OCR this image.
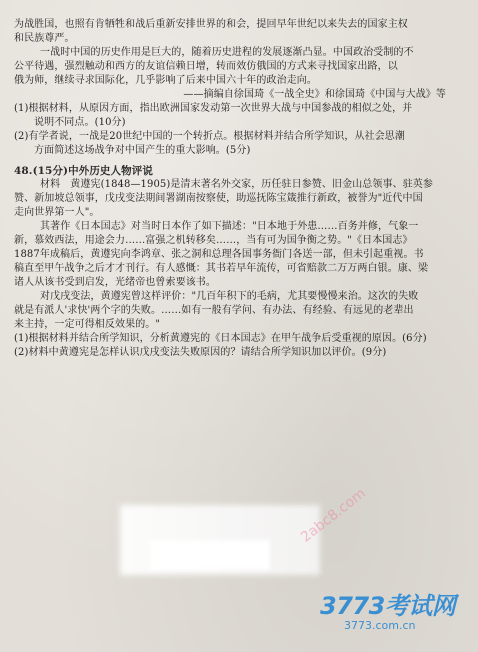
为战胜国，也照有肯牺牲和战后重新安排世界的和会，提回早年世纪以来失去的国家主权
和民族尊严。
一战时中国的历史作用是巨大的，随着历史进程的发展逐渐凸显。中国政治受制的不
公平待遇，强烈触动和西方的友谊信赖日增，转而效仿俄国的方式来寻找国家出路，以
俄为师，继续寻求国际化，几乎影响了后来中国六十年的政治走向。
——摘编自徐国琦《一战全史》和徐国琦《中国与大战》等
(1)根据材料，从原因方面，指出欧洲国家发动第一次世界大战与中国参战的相似之处，并
说明不同点。(10分)
(2)有学者说，一战是20世纪中国的一个转折点。根据材料并结合所学知识，从社会思潮
方面简述这场战争对中国产生的重大影响。(5分)
48.(15分)中外历史人物评说
材料　黄遵宪(1848—1905)是清末著名外交家，历任驻日参赞、旧金山总领事、驻英参
赞、新加坡总领事，戊戌变法期间署湖南按察使，助巡抚陈宝箴推行新政，被誉为"近代中国
走向世界第一人"。
其著作《日本国志》对当时日本作了如下描述："日本地于外患……百务并修，气象一
新，慕效西法，用途会力……富强之机转移矣……，当有可为国争衡之势。"《日本国志》
1887年成稿后，黄遵宪向李鸿章、张之洞和总理各国事务衙门各送一部，但未引起重视。书
稿直至甲午战争之后才才刊行。有人感慨：其书若早年流传，可省赔款二万万两白银。康、梁
诸人从该书受到启发，光绪帝也曾索要该书。
对戊戌变法，黄遵宪曾这样评价："几百年积下的毛病，尤其要慢慢来治。这次的失败
就是有派人'求快'两个字的失败。……如有一般有学问、有办法、有经验、有远见的老辈出
来主持，一定可得相反效果的。"
(1)根据材料并结合所学知识，分析黄遵宪的《日本国志》在甲午战争后受重视的原因。(6分)
(2)材料中黄遵宪是怎样认识戊戌变法失败原因的？请结合所学知识加以评价。(9分)
2abc8.com
3773考试网
3773.com.cn
